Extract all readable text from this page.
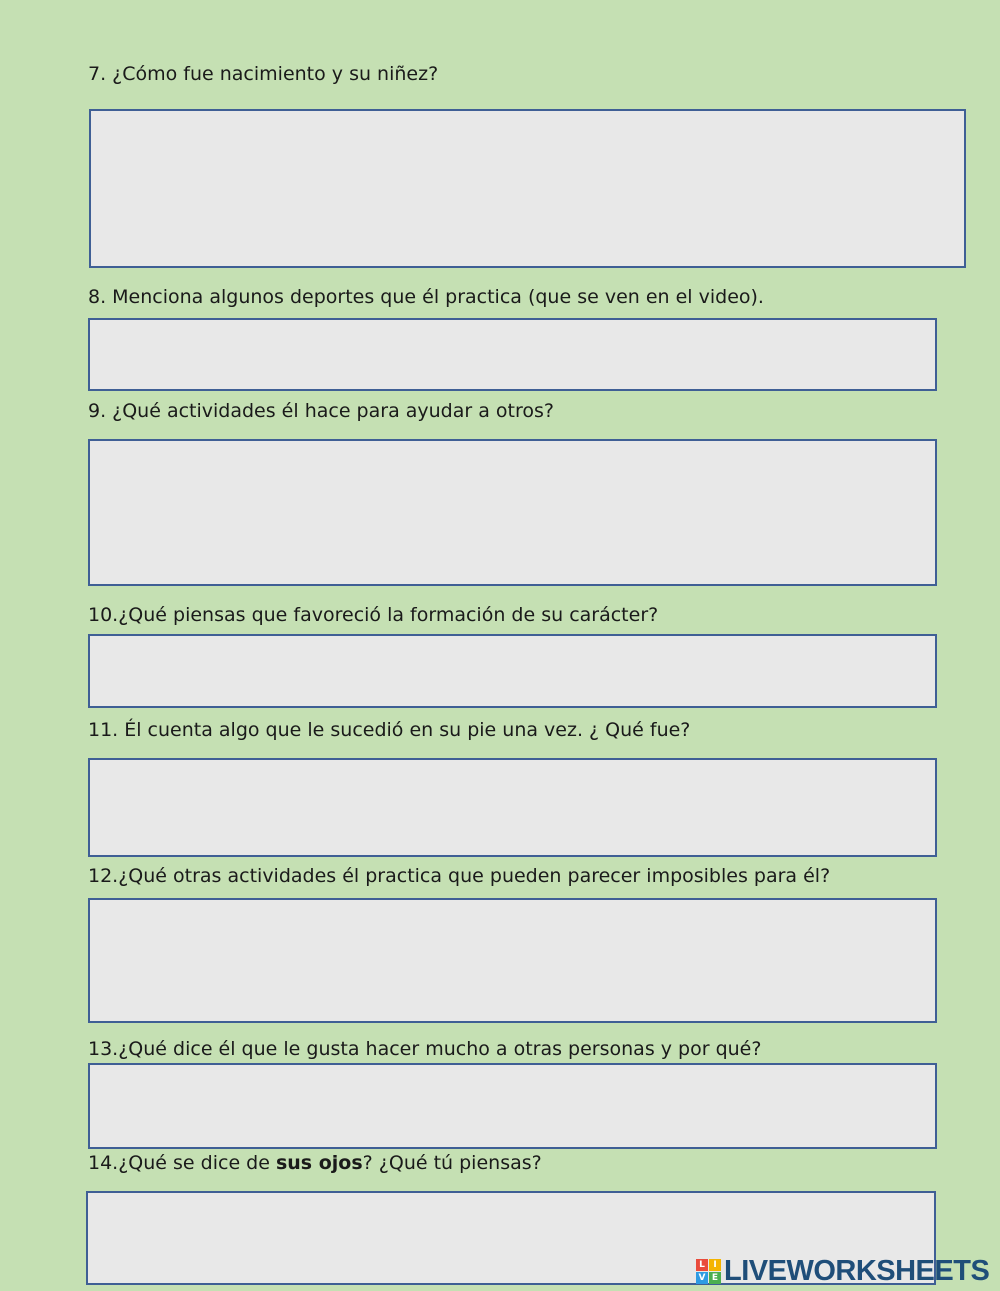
7. ¿Cómo fue nacimiento y su niñez?
8. Menciona algunos deportes que él practica (que se ven en el video).
9. ¿Qué actividades él hace para ayudar a otros?
10.¿Qué piensas que favoreció la formación de su carácter?
11. Él cuenta algo que le sucedió en su pie una vez. ¿ Qué fue?
12.¿Qué otras actividades él practica que pueden parecer imposibles para él?
13.¿Qué dice él que le gusta hacer mucho a otras personas y por qué?
14.¿Qué se dice de sus ojos? ¿Qué tú piensas?
L I
V E LIVEWORKSHEETS
